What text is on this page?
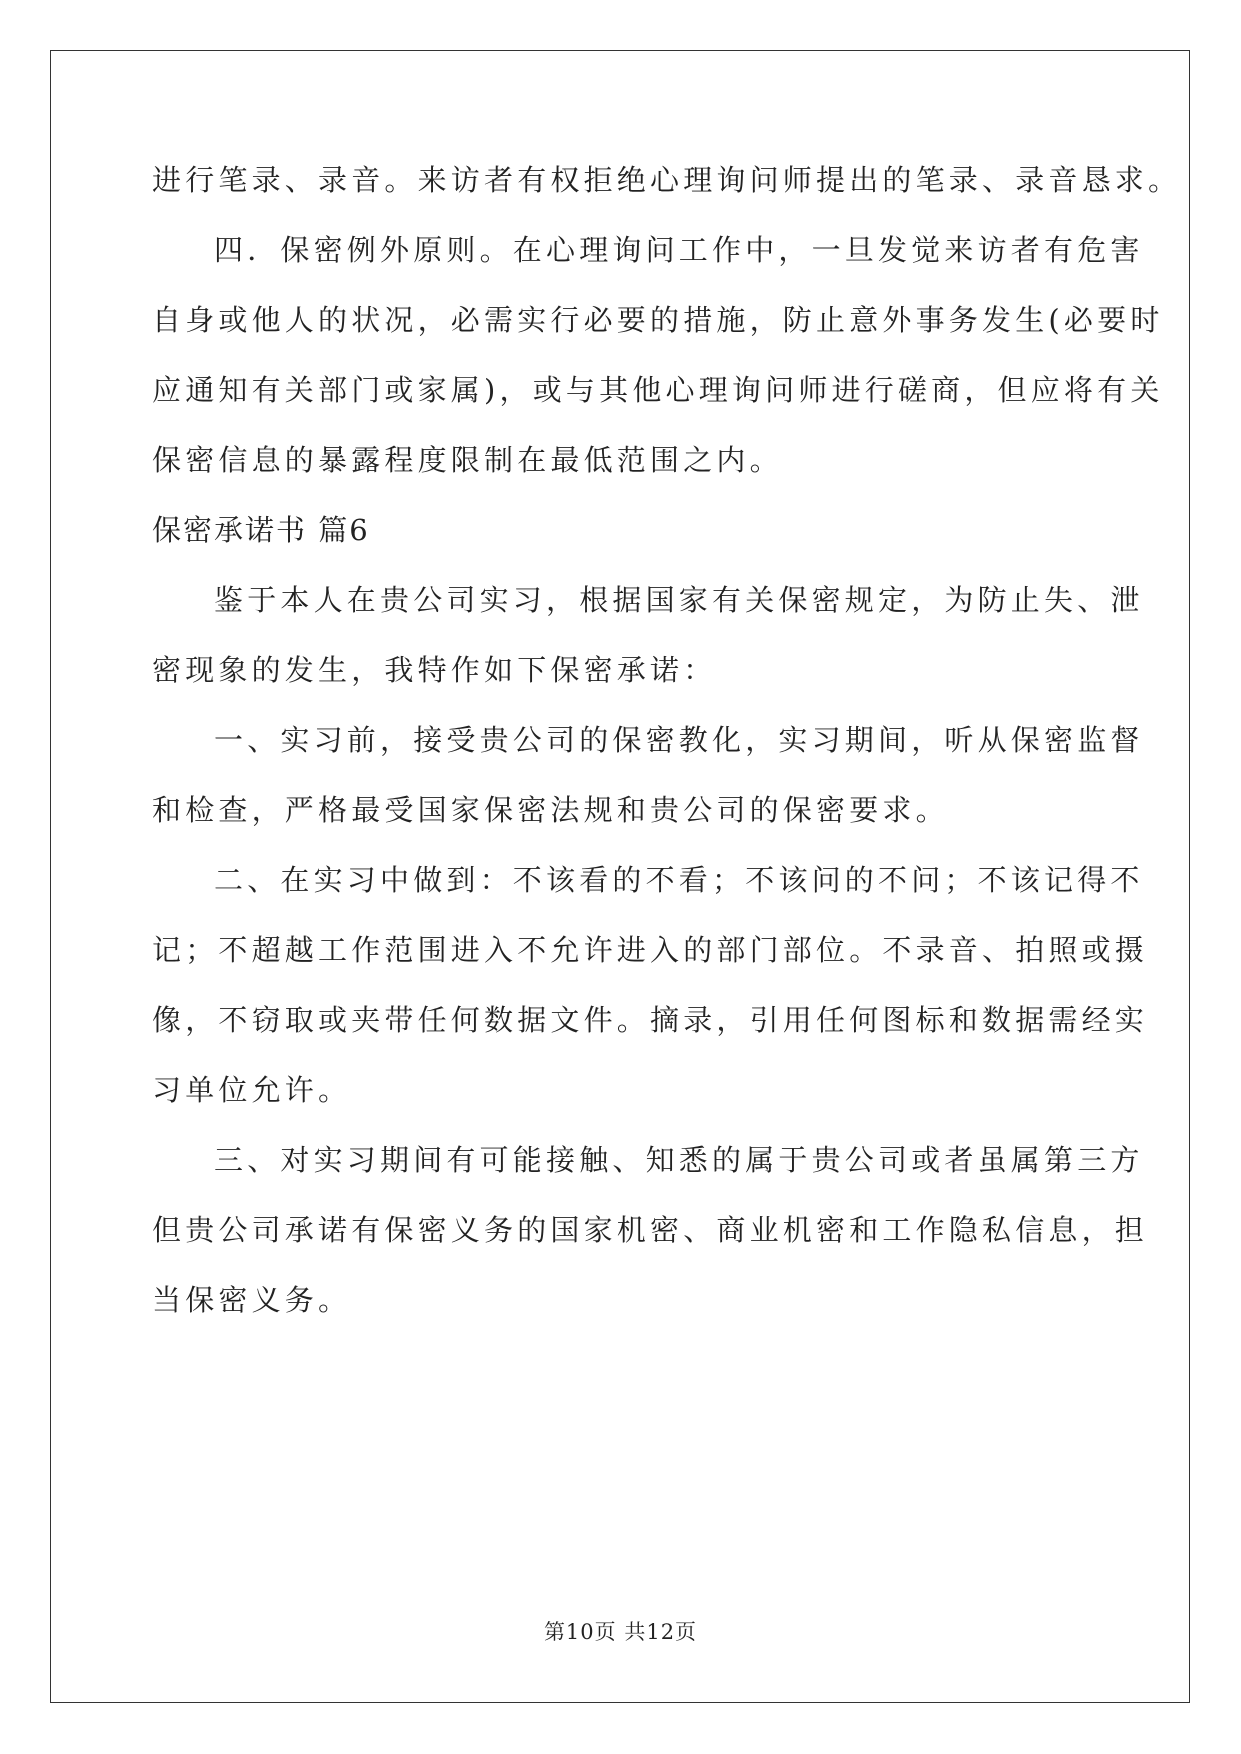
进行笔录、录音。来访者有权拒绝心理询问师提出的笔录、录音恳求。
四．保密例外原则。在心理询问工作中，一旦发觉来访者有危害
自身或他人的状况，必需实行必要的措施，防止意外事务发生(必要时
应通知有关部门或家属)，或与其他心理询问师进行磋商，但应将有关
保密信息的暴露程度限制在最低范围之内。
保密承诺书 篇6
鉴于本人在贵公司实习，根据国家有关保密规定，为防止失、泄
密现象的发生，我特作如下保密承诺：
一、实习前，接受贵公司的保密教化，实习期间，听从保密监督
和检查，严格最受国家保密法规和贵公司的保密要求。
二、在实习中做到：不该看的不看；不该问的不问；不该记得不
记；不超越工作范围进入不允许进入的部门部位。不录音、拍照或摄
像，不窃取或夹带任何数据文件。摘录，引用任何图标和数据需经实
习单位允许。
三、对实习期间有可能接触、知悉的属于贵公司或者虽属第三方
但贵公司承诺有保密义务的国家机密、商业机密和工作隐私信息，担
当保密义务。
第10页 共12页
